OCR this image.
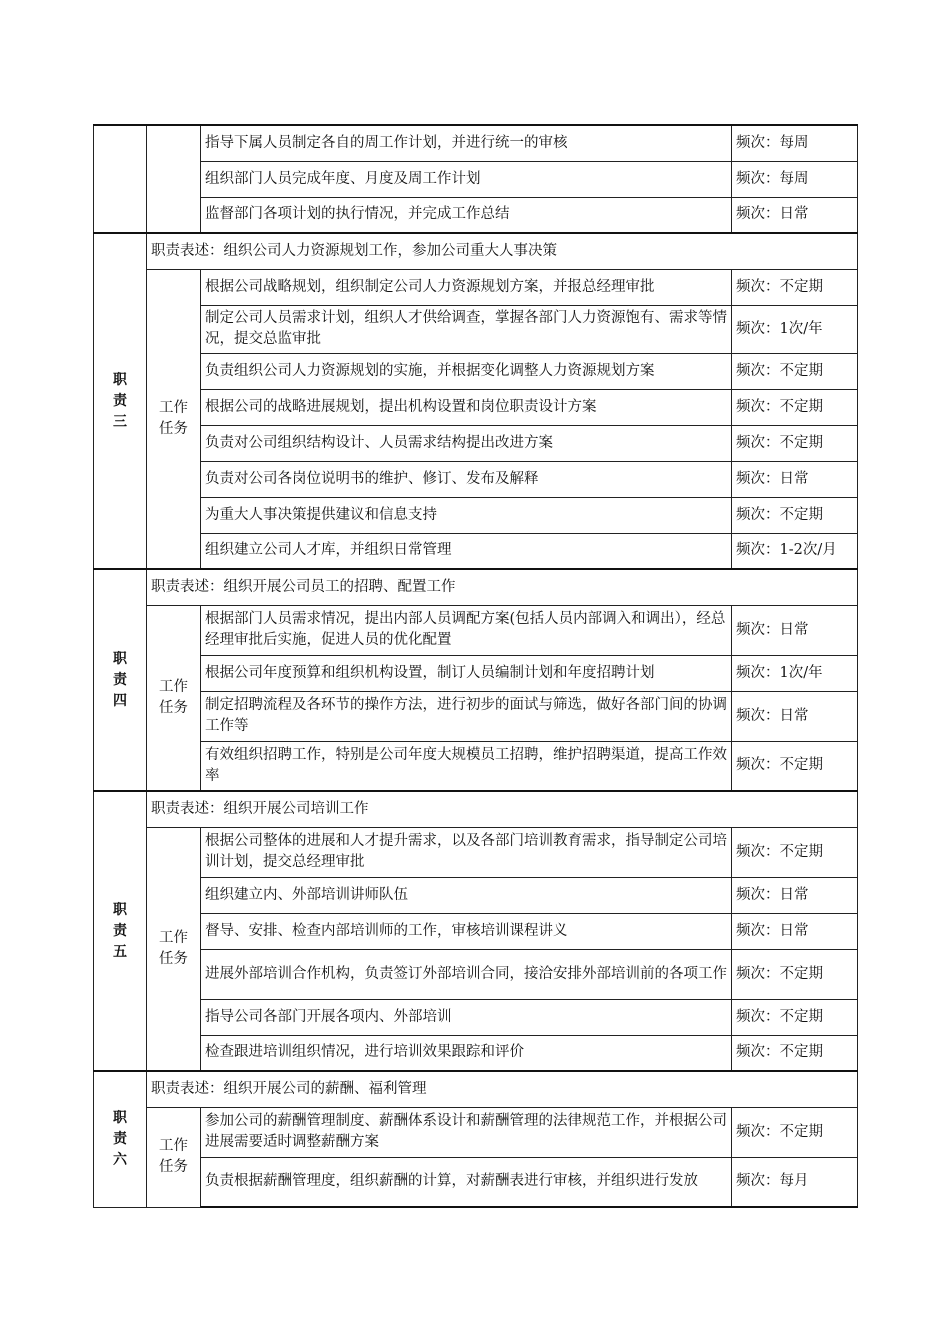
		指导下属人员制定各自的周工作计划，并进行统一的审核	频次：每周
		组织部门人员完成年度、月度及周工作计划	频次：每周
		监督部门各项计划的执行情况，并完成工作总结	频次：日常
职
责
三	职责表述：组织公司人力资源规划工作，参加公司重大人事决策		
	工作
任务	根据公司战略规划，组织制定公司人力资源规划方案，并报总经理审批	频次：不定期
		制定公司人员需求计划，组织人才供给调查，掌握各部门人力资源饱有、需求等情况，提交总监审批	频次：1次/年
		负责组织公司人力资源规划的实施，并根据变化调整人力资源规划方案	频次：不定期
		根据公司的战略进展规划，提出机构设置和岗位职责设计方案	频次：不定期
		负责对公司组织结构设计、人员需求结构提出改进方案	频次：不定期
		负责对公司各岗位说明书的维护、修订、发布及解释	频次：日常
		为重大人事决策提供建议和信息支持	频次：不定期
		组织建立公司人才库，并组织日常管理	频次：1-2次/月
职
责
四	职责表述：组织开展公司员工的招聘、配置工作		
	工作
任务	根据部门人员需求情况，提出内部人员调配方案(包括人员内部调入和调出），经总经理审批后实施，促进人员的优化配置	频次：日常
		根据公司年度预算和组织机构设置，制订人员编制计划和年度招聘计划	频次：1次/年
		制定招聘流程及各环节的操作方法，进行初步的面试与筛选，做好各部门间的协调工作等	频次：日常
		有效组织招聘工作，特别是公司年度大规模员工招聘，维护招聘渠道，提高工作效率	频次：不定期
职
责
五	职责表述：组织开展公司培训工作		
	工作
任务	根据公司整体的进展和人才提升需求，以及各部门培训教育需求，指导制定公司培训计划，提交总经理审批	频次：不定期
		组织建立内、外部培训讲师队伍	频次：日常
		督导、安排、检查内部培训师的工作，审核培训课程讲义	频次：日常
		进展外部培训合作机构，负责签订外部培训合同，接洽安排外部培训前的各项工作	频次：不定期
		指导公司各部门开展各项内、外部培训	频次：不定期
		检查跟进培训组织情况，进行培训效果跟踪和评价	频次：不定期
职
责
六	职责表述：组织开展公司的薪酬、福利管理		
	工作
任务	参加公司的薪酬管理制度、薪酬体系设计和薪酬管理的法律规范工作，并根据公司进展需要适时调整薪酬方案	频次：不定期
		负责根据薪酬管理度，组织薪酬的计算，对薪酬表进行审核，并组织进行发放	频次：每月
